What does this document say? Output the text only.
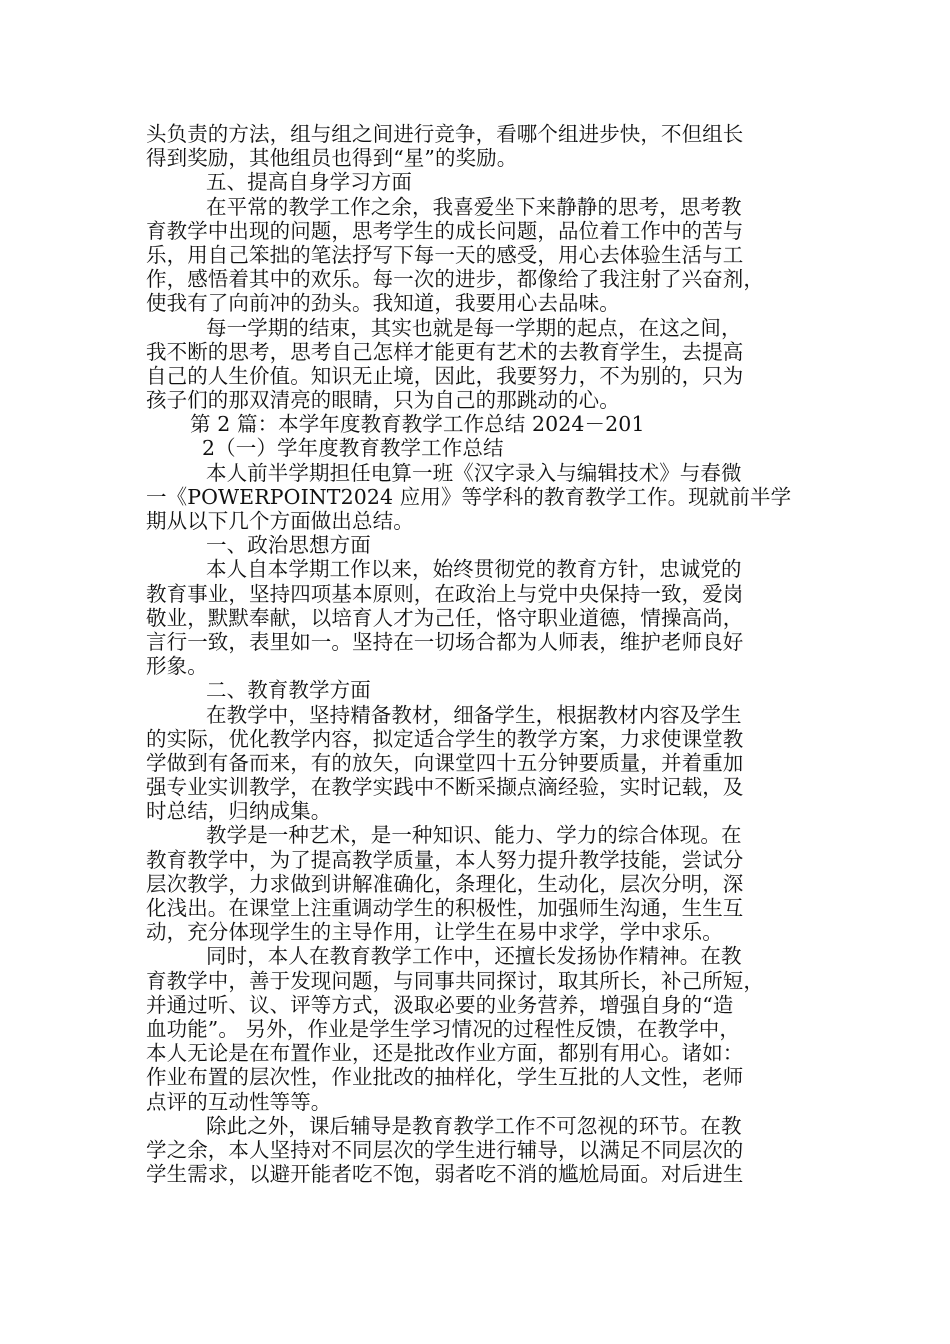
头负责的方法，组与组之间进行竞争，看哪个组进步快，不但组长
得到奖励，其他组员也得到“星”的奖励。
五、提高自身学习方面
在平常的教学工作之余，我喜爱坐下来静静的思考，思考教
育教学中出现的问题，思考学生的成长问题，品位着工作中的苦与
乐，用自己笨拙的笔法抒写下每一天的感受，用心去体验生活与工
作，感悟着其中的欢乐。每一次的进步，都像给了我注射了兴奋剂，
使我有了向前冲的劲头。我知道，我要用心去品味。
每一学期的结束，其实也就是每一学期的起点，在这之间，
我不断的思考，思考自己怎样才能更有艺术的去教育学生，去提高
自己的人生价值。知识无止境，因此，我要努力，不为别的，只为
孩子们的那双清亮的眼睛，只为自己的那跳动的心。
第 2 篇：本学年度教育教学工作总结 2024－201
2（一）学年度教育教学工作总结
本人前半学期担任电算一班《汉字录入与编辑技术》与春微
一《POWERPOINT2024 应用》等学科的教育教学工作。现就前半学
期从以下几个方面做出总结。
一、政治思想方面
本人自本学期工作以来，始终贯彻党的教育方针，忠诚党的
教育事业，坚持四项基本原则，在政治上与党中央保持一致，爱岗
敬业，默默奉献，以培育人才为己任，恪守职业道德，情操高尚，
言行一致，表里如一。坚持在一切场合都为人师表，维护老师良好
形象。
二、教育教学方面
在教学中，坚持精备教材，细备学生，根据教材内容及学生
的实际，优化教学内容，拟定适合学生的教学方案，力求使课堂教
学做到有备而来，有的放矢，向课堂四十五分钟要质量，并着重加
强专业实训教学，在教学实践中不断采撷点滴经验，实时记载，及
时总结，归纳成集。
教学是一种艺术，是一种知识、能力、学力的综合体现。在
教育教学中，为了提高教学质量，本人努力提升教学技能，尝试分
层次教学，力求做到讲解准确化，条理化，生动化，层次分明，深
化浅出。在课堂上注重调动学生的积极性，加强师生沟通，生生互
动，充分体现学生的主导作用，让学生在易中求学，学中求乐。
同时，本人在教育教学工作中，还擅长发扬协作精神。在教
育教学中，善于发现问题，与同事共同探讨，取其所长，补己所短，
并通过听、议、评等方式，汲取必要的业务营养，增强自身的“造
血功能”。 另外，作业是学生学习情况的过程性反馈，在教学中，
本人无论是在布置作业，还是批改作业方面，都别有用心。诸如：
作业布置的层次性，作业批改的抽样化，学生互批的人文性，老师
点评的互动性等等。
除此之外，课后辅导是教育教学工作不可忽视的环节。在教
学之余，本人坚持对不同层次的学生进行辅导，以满足不同层次的
学生需求，以避开能者吃不饱，弱者吃不消的尴尬局面。对后进生
